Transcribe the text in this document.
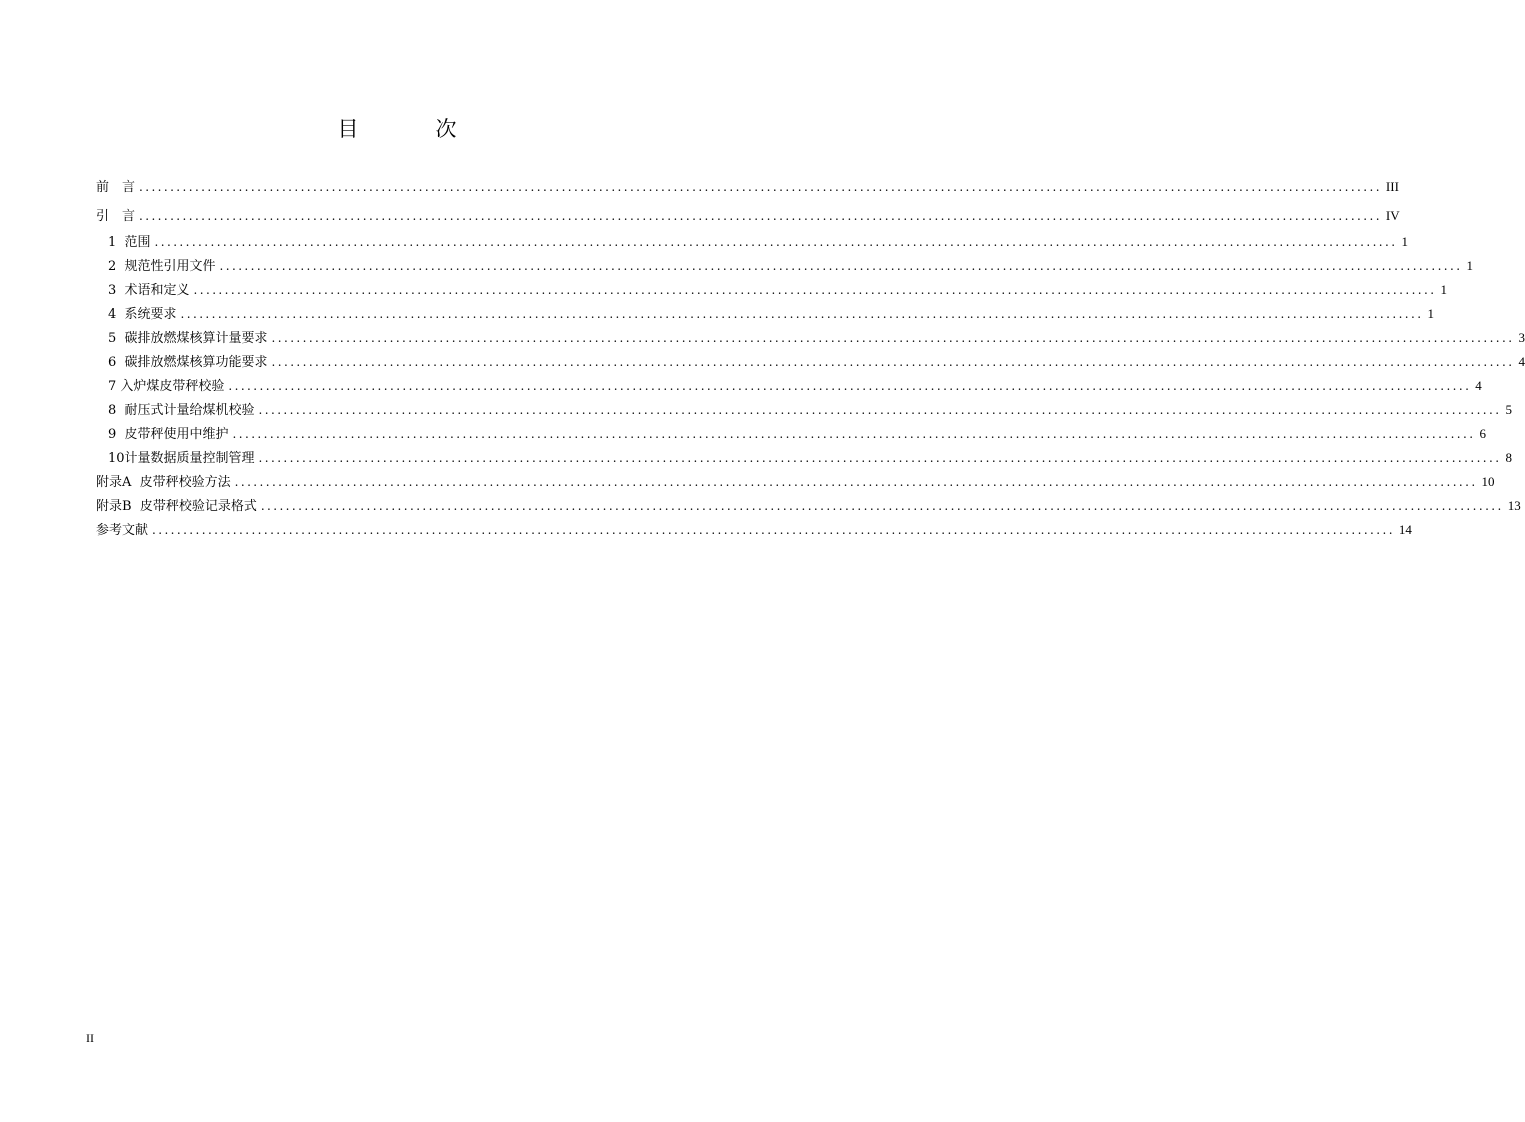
目　次
前　言 ........................................................................................................................................................................................................ III
引　言 ........................................................................................................................................................................................................ IV
1  范围 ........................................................................................................................................................................................................ 1
2  规范性引用文件 ........................................................................................................................................................................................................ 1
3  术语和定义 ........................................................................................................................................................................................................ 1
4  系统要求 ........................................................................................................................................................................................................ 1
5  碳排放燃煤核算计量要求 ........................................................................................................................................................................................................ 3
6  碳排放燃煤核算功能要求 ........................................................................................................................................................................................................ 4
7 入炉煤皮带秤校验 ........................................................................................................................................................................................................ 4
8  耐压式计量给煤机校验 ........................................................................................................................................................................................................ 5
9  皮带秤使用中维护 ........................................................................................................................................................................................................ 6
10计量数据质量控制管理 ........................................................................................................................................................................................................ 8
附录A  皮带秤校验方法 ........................................................................................................................................................................................................ 10
附录B  皮带秤校验记录格式 ........................................................................................................................................................................................................ 13
参考文献 ........................................................................................................................................................................................................ 14
II
